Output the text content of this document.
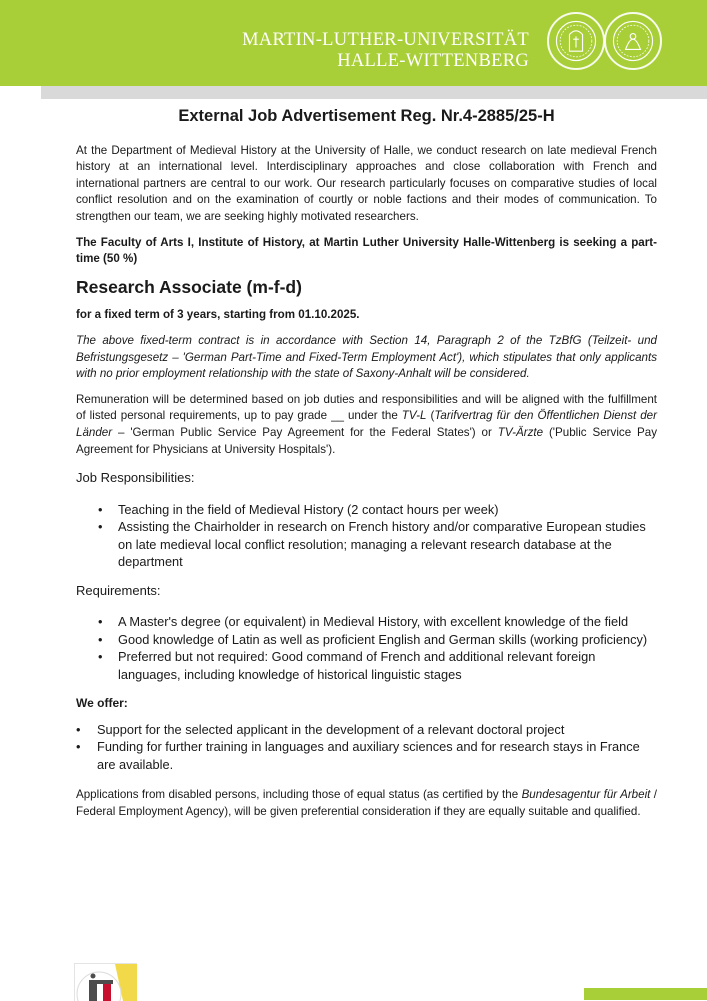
MARTIN-LUTHER-UNIVERSITÄT
HALLE-WITTENBERG
External Job Advertisement Reg. Nr.4-2885/25-H

At the Department of Medieval History at the University of Halle, we conduct research on late medieval French history at an international level. Interdisciplinary approaches and close collaboration with French and international partners are central to our work. Our research particularly focuses on comparative studies of local conflict resolution and on the examination of courtly or noble factions and their modes of communication. To strengthen our team, we are seeking highly motivated researchers.

The Faculty of Arts I, Institute of History, at Martin Luther University Halle-Wittenberg is seeking a part-time (50 %)

Research Associate (m-f-d)

for a fixed term of 3 years, starting from 01.10.2025.

The above fixed-term contract is in accordance with Section 14, Paragraph 2 of the TzBfG (Teilzeit- und Befristungsgesetz – 'German Part-Time and Fixed-Term Employment Act'), which stipulates that only applicants with no prior employment relationship with the state of Saxony-Anhalt will be considered.

Remuneration will be determined based on job duties and responsibilities and will be aligned with the fulfillment of listed personal requirements, up to pay grade __ under the TV-L (Tarifvertrag für den Öffentlichen Dienst der Länder – 'German Public Service Pay Agreement for the Federal States') or TV-Ärzte ('Public Service Pay Agreement for Physicians at University Hospitals').

Job Responsibilities:
• Teaching in the field of Medieval History (2 contact hours per week)
• Assisting the Chairholder in research on French history and/or comparative European studies on late medieval local conflict resolution; managing a relevant research database at the department
Requirements:
• A Master's degree (or equivalent) in Medieval History, with excellent knowledge of the field
• Good knowledge of Latin as well as proficient English and German skills (working proficiency)
• Preferred but not required: Good command of French and additional relevant foreign languages, including knowledge of historical linguistic stages
We offer:
• Support for the selected applicant in the development of a relevant doctoral project
• Funding for further training in languages and auxiliary sciences and for research stays in France are available.

Applications from disabled persons, including those of equal status (as certified by the Bundesagentur für Arbeit / Federal Employment Agency), will be given preferential consideration if they are equally suitable and qualified.
